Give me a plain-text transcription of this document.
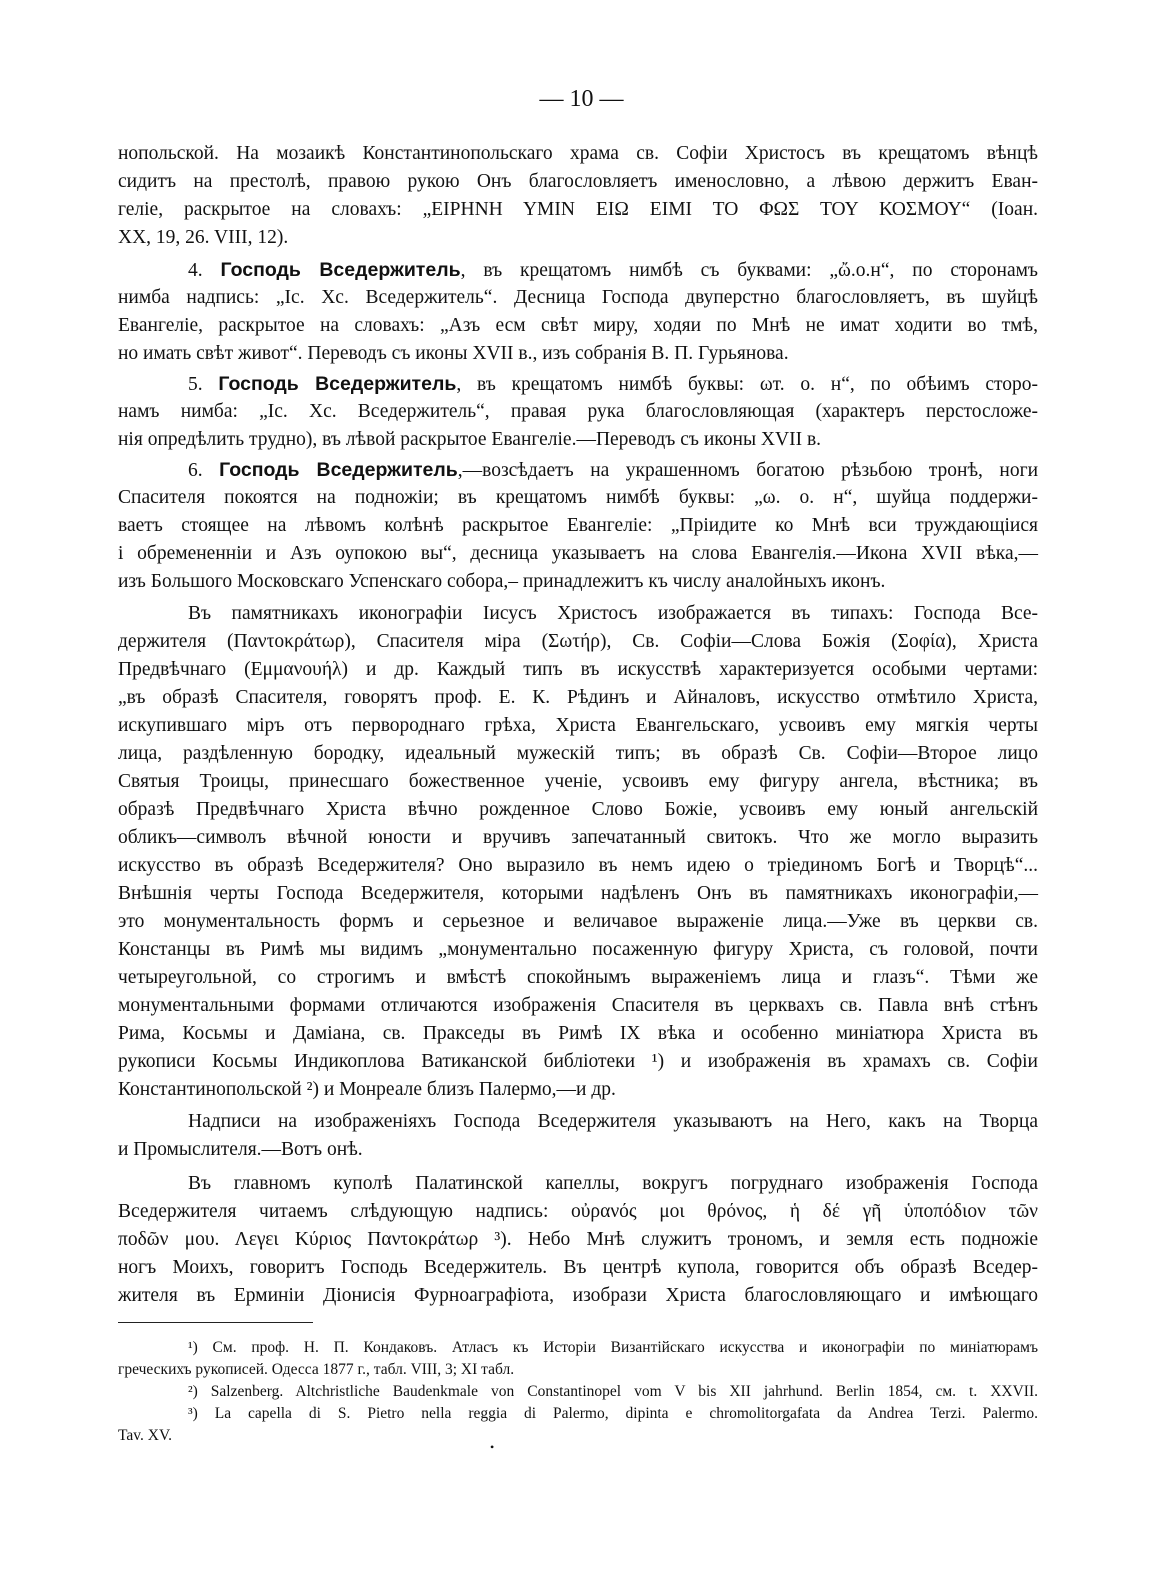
— 10 —
нопольской. На мозаикѣ Константинопольскаго храма св. Софіи Христосъ въ крещатомъ вѣнцѣ
сидитъ на престолѣ, правою рукою Онъ благословляетъ именословно, а лѣвою держитъ Еван-
геліе, раскрытое на словахъ: „ΕΙΡΗΝΗ ΥΜΙΝ ΕΙΩ ΕΙΜΙ ΤΟ ΦΩΣ ΤΟΥ ΚΟΣΜΟΥ“ (Іоан.
XX, 19, 26. VIII, 12).
4. Господь Вседержитель, въ крещатомъ нимбѣ съ буквами: „ὤ.ο.н“, по сторонамъ
нимба надпись: „Іс. Хс. Вседержитель“. Десница Господа двуперстно благословляетъ, въ шуйцѣ
Евангеліе, раскрытое на словахъ: „Азъ есм свѣт миру, ходяи по Мнѣ не имат ходити во тмѣ,
но имать свѣт живот“. Переводъ съ иконы XVII в., изъ собранія В. П. Гурьянова.
5. Господь Вседержитель, въ крещатомъ нимбѣ буквы: ωт. о. н“, по обѣимъ сторо-
намъ нимба: „Іс. Хс. Вседержитель“, правая рука благословляющая (характеръ перстосложе-
нія опредѣлить трудно), въ лѣвой раскрытое Евангеліе.—Переводъ съ иконы XVII в.
6. Господь Вседержитель,—возсѣдаетъ на украшенномъ богатою рѣзьбою тронѣ, ноги
Спасителя покоятся на подножіи; въ крещатомъ нимбѣ буквы: „ω. о. н“, шуйца поддержи-
ваетъ стоящее на лѣвомъ колѣнѣ раскрытое Евангеліе: „Пріидите ко Мнѣ вси труждающіися
і обремененніи и Азъ оупокою вы“, десница указываетъ на слова Евангелія.—Икона XVII вѣка,—
изъ Большого Московскаго Успенскаго собора,– принадлежитъ къ числу аналойныхъ иконъ.
Въ памятникахъ иконографіи Іисусъ Христосъ изображается въ типахъ: Господа Все-
держителя (Παντοκράτωρ), Спасителя міра (Σωτήρ), Св. Софіи—Слова Божія (Σοφία), Христа
Предвѣчнаго (Εμμανουήλ) и др. Каждый типъ въ искусствѣ характеризуется особыми чертами:
„въ образѣ Спасителя, говорятъ проф. Е. К. Рѣдинъ и Айналовъ, искусство отмѣтило Христа,
искупившаго міръ отъ первороднаго грѣха, Христа Евангельскаго, усвоивъ ему мягкія черты
лица, раздѣленную бородку, идеальный мужескій типъ; въ образѣ Св. Софіи—Второе лицо
Святыя Троицы, принесшаго божественное ученіе, усвоивъ ему фигуру ангела, вѣстника; въ
образѣ Предвѣчнаго Христа вѣчно рожденное Слово Божіе, усвоивъ ему юный ангельскій
обликъ—символъ вѣчной юности и вручивъ запечатанный свитокъ. Что же могло выразить
искусство въ образѣ Вседержителя? Оно выразило въ немъ идею о тріединомъ Богѣ и Творцѣ“...
Внѣшнія черты Господа Вседержителя, которыми надѣленъ Онъ въ памятникахъ иконографіи,—
это монументальность формъ и серьезное и величавое выраженіе лица.—Уже въ церкви св.
Констанцы въ Римѣ мы видимъ „монументально посаженную фигуру Христа, съ головой, почти
четыреугольной, со строгимъ и вмѣстѣ спокойнымъ выраженіемъ лица и глазъ“. Тѣми же
монументальными формами отличаются изображенія Спасителя въ церквахъ св. Павла внѣ стѣнъ
Рима, Косьмы и Даміана, св. Пракседы въ Римѣ IX вѣка и особенно миніатюра Христа въ
рукописи Косьмы Индикоплова Ватиканской библіотеки ¹) и изображенія въ храмахъ св. Софіи
Константинопольской ²) и Монреале близъ Палермо,—и др.
Надписи на изображеніяхъ Господа Вседержителя указываютъ на Него, какъ на Творца
и Промыслителя.—Вотъ онѣ.
Въ главномъ куполѣ Палатинской капеллы, вокругъ погруднаго изображенія Господа
Вседержителя читаемъ слѣдующую надпись: οὐρανός μοι θρόνος, ἡ δέ γῆ ὑποπόδιον τῶν
ποδῶν μου. Λεγει Κύριος Παντοκράτωρ ³). Небо Мнѣ служитъ трономъ, и земля есть подножіе
ногъ Моихъ, говоритъ Господь Вседержитель. Въ центрѣ купола, говорится объ образѣ Вседер-
жителя въ Ерминіи Діонисія Фурноаграфіота, изобрази Христа благословляющаго и имѣющаго
¹) См. проф. Н. П. Кондаковъ. Атласъ къ Исторіи Византійскаго искусства и иконографіи по миніатюрамъ
греческихъ рукописей. Одесса 1877 г., табл. VIII, 3; XI табл.
²) Salzenberg. Altchristliche Baudenkmale von Constantinopel vom V bis XII jahrhund. Berlin 1854, см. t. XXVII.
³) La capella di S. Pietro nella reggia di Palermo, dipinta e chromolitorgafata da Andrea Terzi. Palermo.
Tav. XV.
•
